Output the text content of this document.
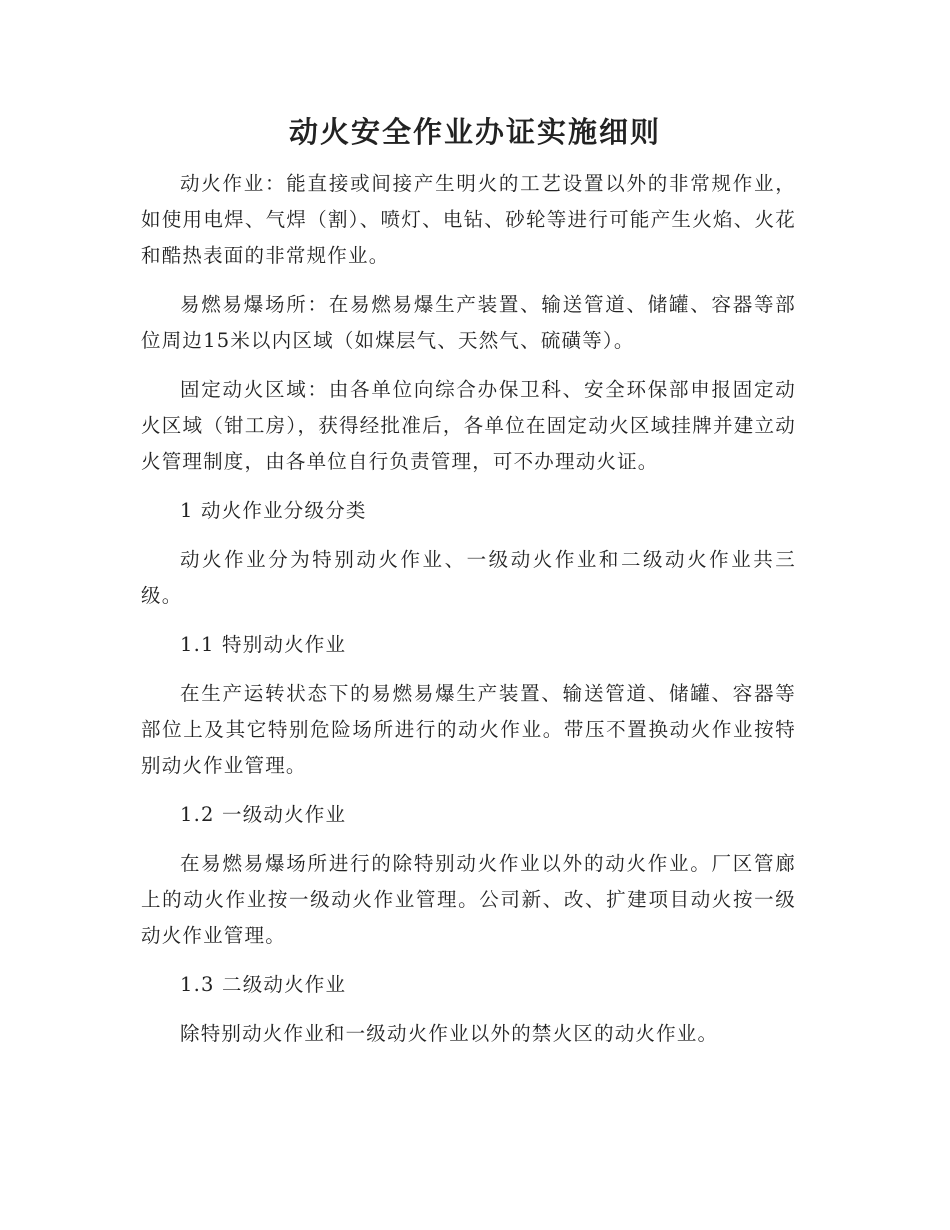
动火安全作业办证实施细则

动火作业：能直接或间接产生明火的工艺设置以外的非常规作业，如使用电焊、气焊（割）、喷灯、电钻、砂轮等进行可能产生火焰、火花和酷热表面的非常规作业。

易燃易爆场所：在易燃易爆生产装置、输送管道、储罐、容器等部位周边15米以内区域（如煤层气、天然气、硫磺等）。

固定动火区域：由各单位向综合办保卫科、安全环保部申报固定动火区域（钳工房），获得经批准后，各单位在固定动火区域挂牌并建立动火管理制度，由各单位自行负责管理，可不办理动火证。

1 动火作业分级分类

动火作业分为特别动火作业、一级动火作业和二级动火作业共三级。

1.1 特别动火作业

在生产运转状态下的易燃易爆生产装置、输送管道、储罐、容器等部位上及其它特别危险场所进行的动火作业。带压不置换动火作业按特别动火作业管理。

1.2 一级动火作业

在易燃易爆场所进行的除特别动火作业以外的动火作业。厂区管廊上的动火作业按一级动火作业管理。公司新、改、扩建项目动火按一级动火作业管理。

1.3 二级动火作业

除特别动火作业和一级动火作业以外的禁火区的动火作业。
